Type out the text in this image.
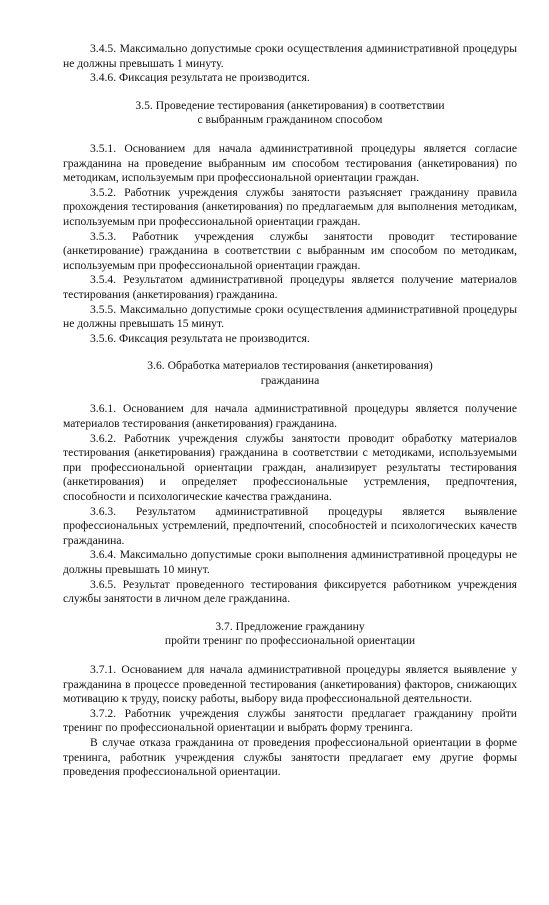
3.4.5. Максимально допустимые сроки осуществления административной процедуры не должны превышать 1 минуту.

3.4.6. Фиксация результата не производится.

3.5. Проведение тестирования (анкетирования) в соответствии
с выбранным гражданином способом

3.5.1. Основанием для начала административной процедуры является согласие гражданина на проведение выбранным им способом тестирования (анкетирования) по методикам, используемым при профессиональной ориентации граждан.

3.5.2. Работник учреждения службы занятости разъясняет гражданину правила прохождения тестирования (анкетирования) по предлагаемым для выполнения методикам, используемым при профессиональной ориентации граждан.

3.5.3. Работник учреждения службы занятости проводит тестирование (анкетирование) гражданина в соответствии с выбранным им способом по методикам, используемым при профессиональной ориентации граждан.

3.5.4. Результатом административной процедуры является получение материалов тестирования (анкетирования) гражданина.

3.5.5. Максимально допустимые сроки осуществления административной процедуры не должны превышать 15 минут.

3.5.6. Фиксация результата не производится.

3.6. Обработка материалов тестирования (анкетирования)
гражданина

3.6.1. Основанием для начала административной процедуры является получение материалов тестирования (анкетирования) гражданина.

3.6.2. Работник учреждения службы занятости проводит обработку материалов тестирования (анкетирования) гражданина в соответствии с методиками, используемыми при профессиональной ориентации граждан, анализирует результаты тестирования (анкетирования) и определяет профессиональные устремления, предпочтения, способности и психологические качества гражданина.

3.6.3. Результатом административной процедуры является выявление профессиональных устремлений, предпочтений, способностей и психологических качеств гражданина.

3.6.4. Максимально допустимые сроки выполнения административной процедуры не должны превышать 10 минут.

3.6.5. Результат проведенного тестирования фиксируется работником учреждения службы занятости в личном деле гражданина.

3.7. Предложение гражданину
пройти тренинг по профессиональной ориентации

3.7.1. Основанием для начала административной процедуры является выявление у гражданина в процессе проведенной тестирования (анкетирования) факторов, снижающих мотивацию к труду, поиску работы, выбору вида профессиональной деятельности.

3.7.2. Работник учреждения службы занятости предлагает гражданину пройти тренинг по профессиональной ориентации и выбрать форму тренинга.

В случае отказа гражданина от проведения профессиональной ориентации в форме тренинга, работник учреждения службы занятости предлагает ему другие формы проведения профессиональной ориентации.
